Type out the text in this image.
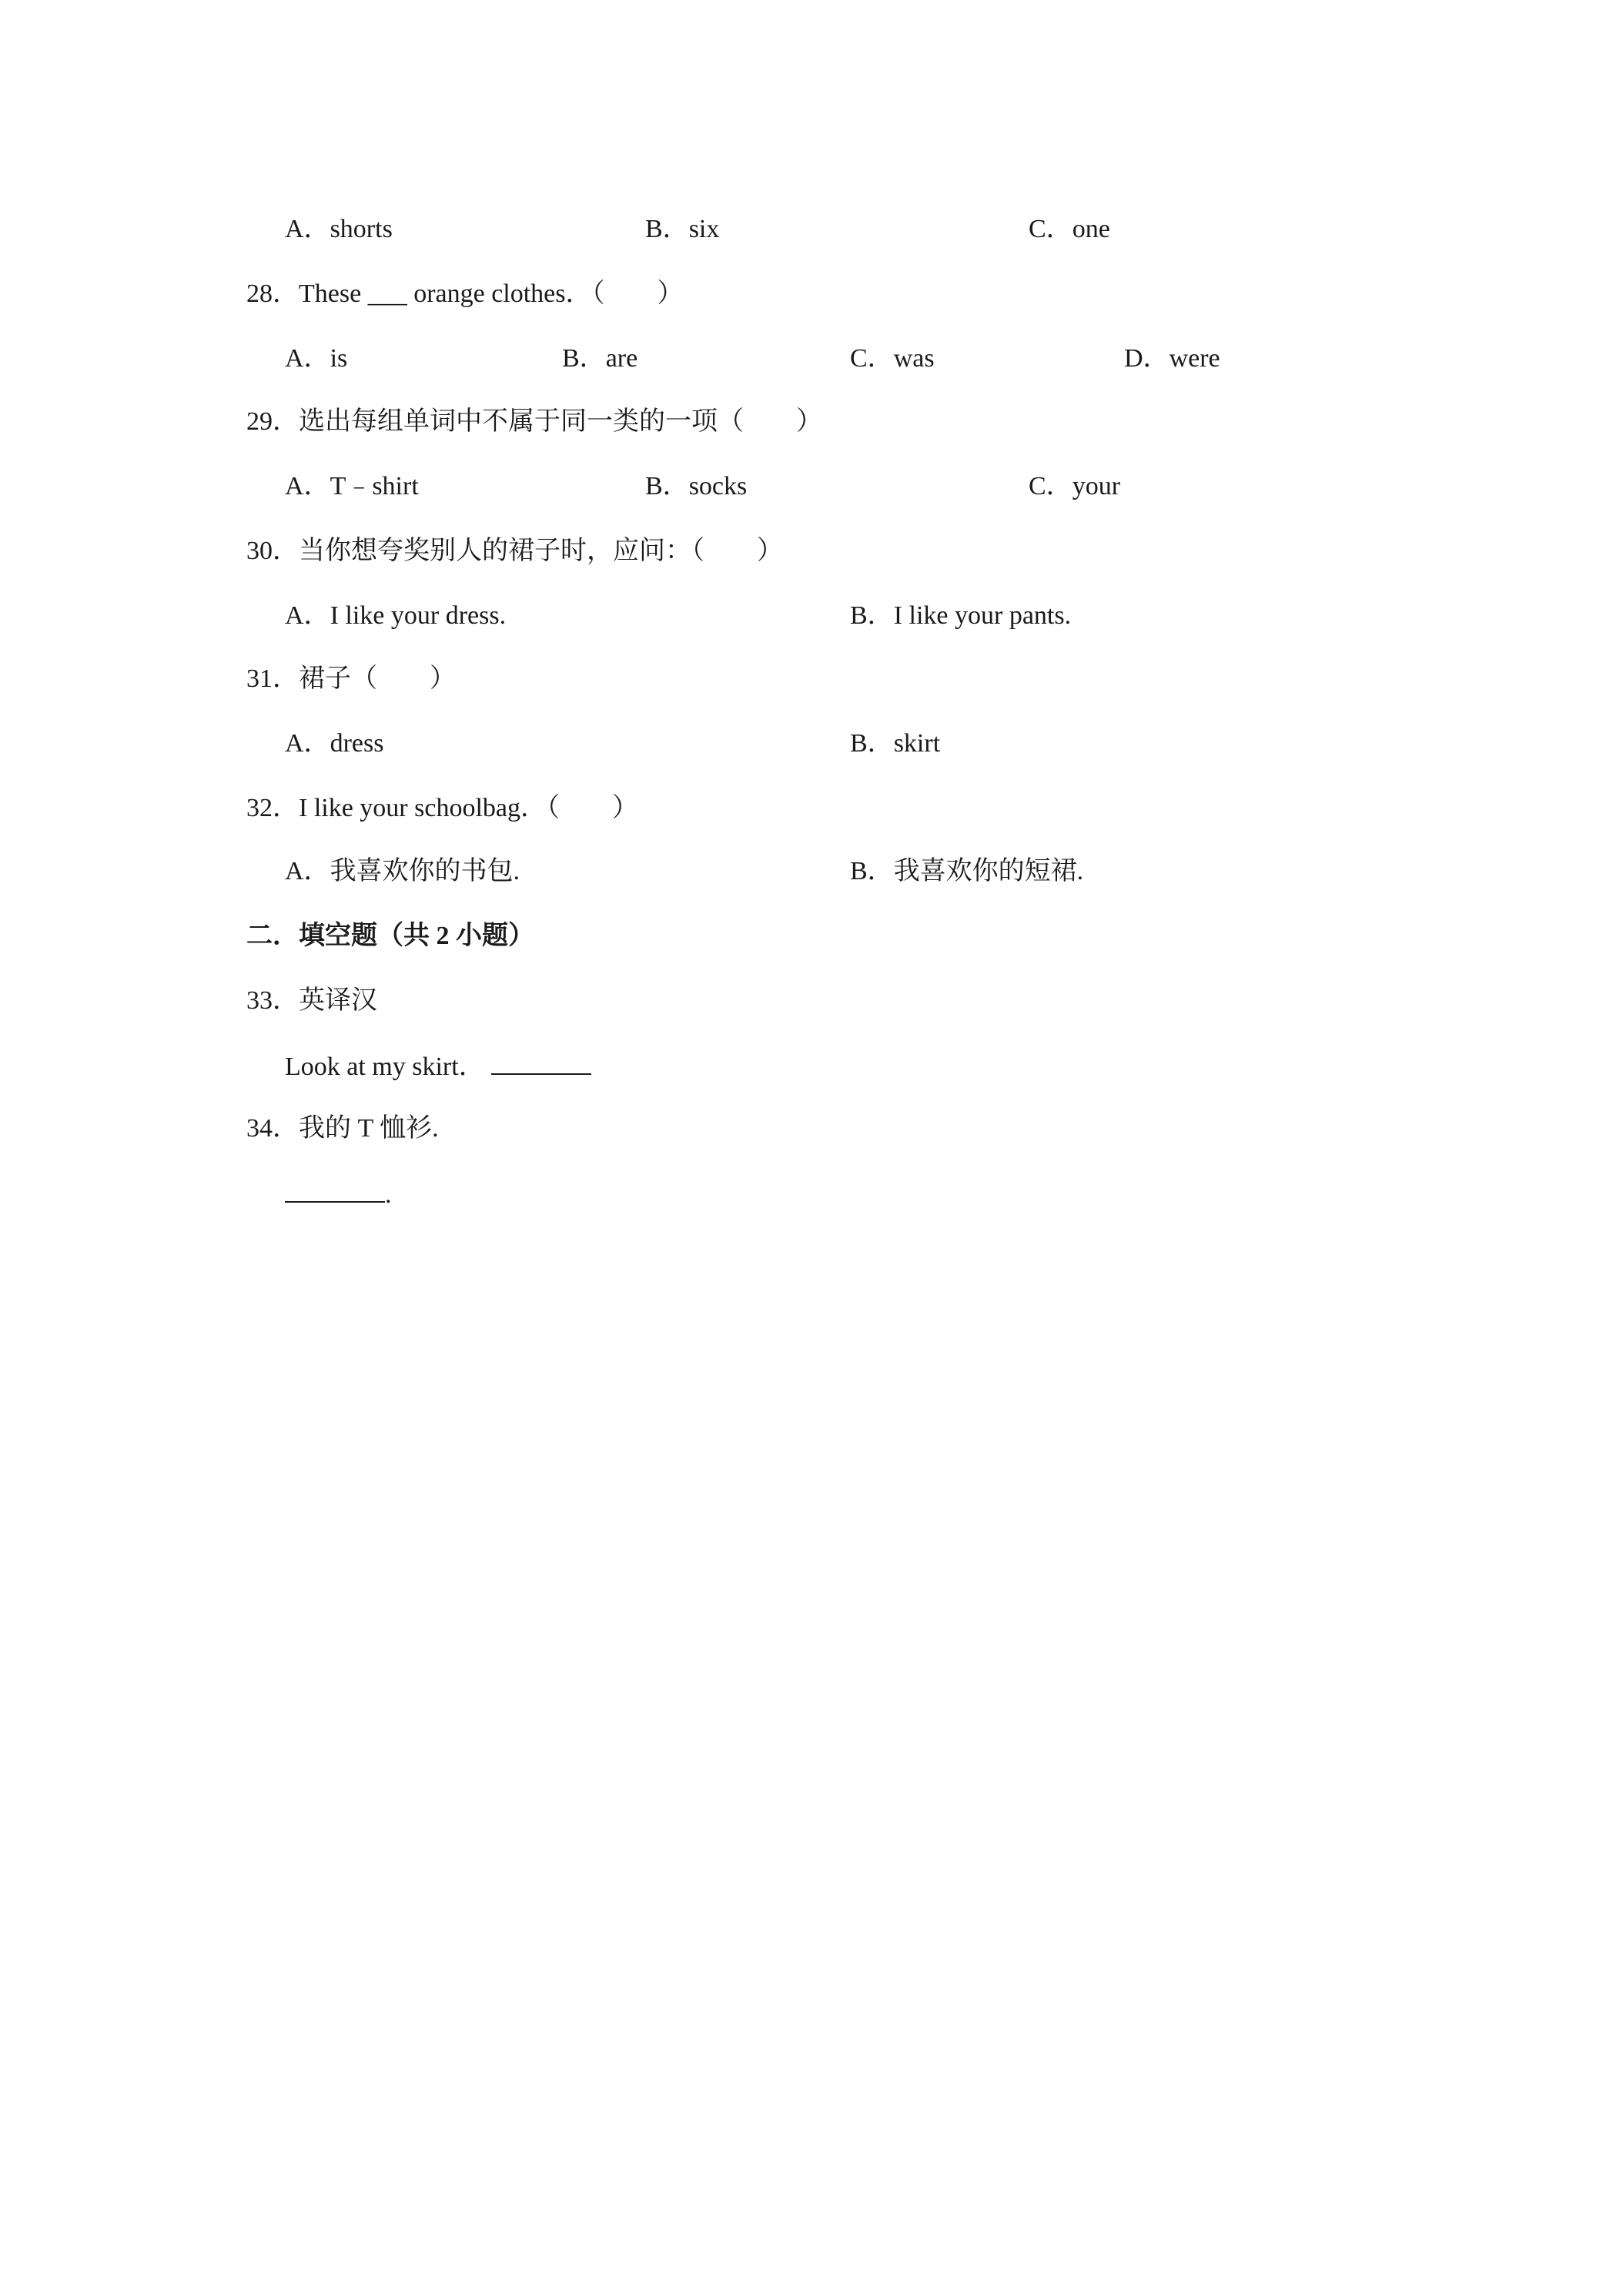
A．shorts	B．six	C．one
28．These ___ orange clothes．（　　）
A．is	B．are	C．was	D．were
29．选出每组单词中不属于同一类的一项（　　）
A．T﹣shirt	B．socks	C．your
30．当你想夸奖别人的裙子时，应问：（　　）
A．I like your dress.	B．I like your pants.
31．裙子（　　）
A．dress	B．skirt
32．I like your schoolbag．（　　）
A．我喜欢你的书包.	B．我喜欢你的短裙.
二．填空题（共 2 小题）
33．英译汉
Look at my skirt．
34．我的 T 恤衫.
.
